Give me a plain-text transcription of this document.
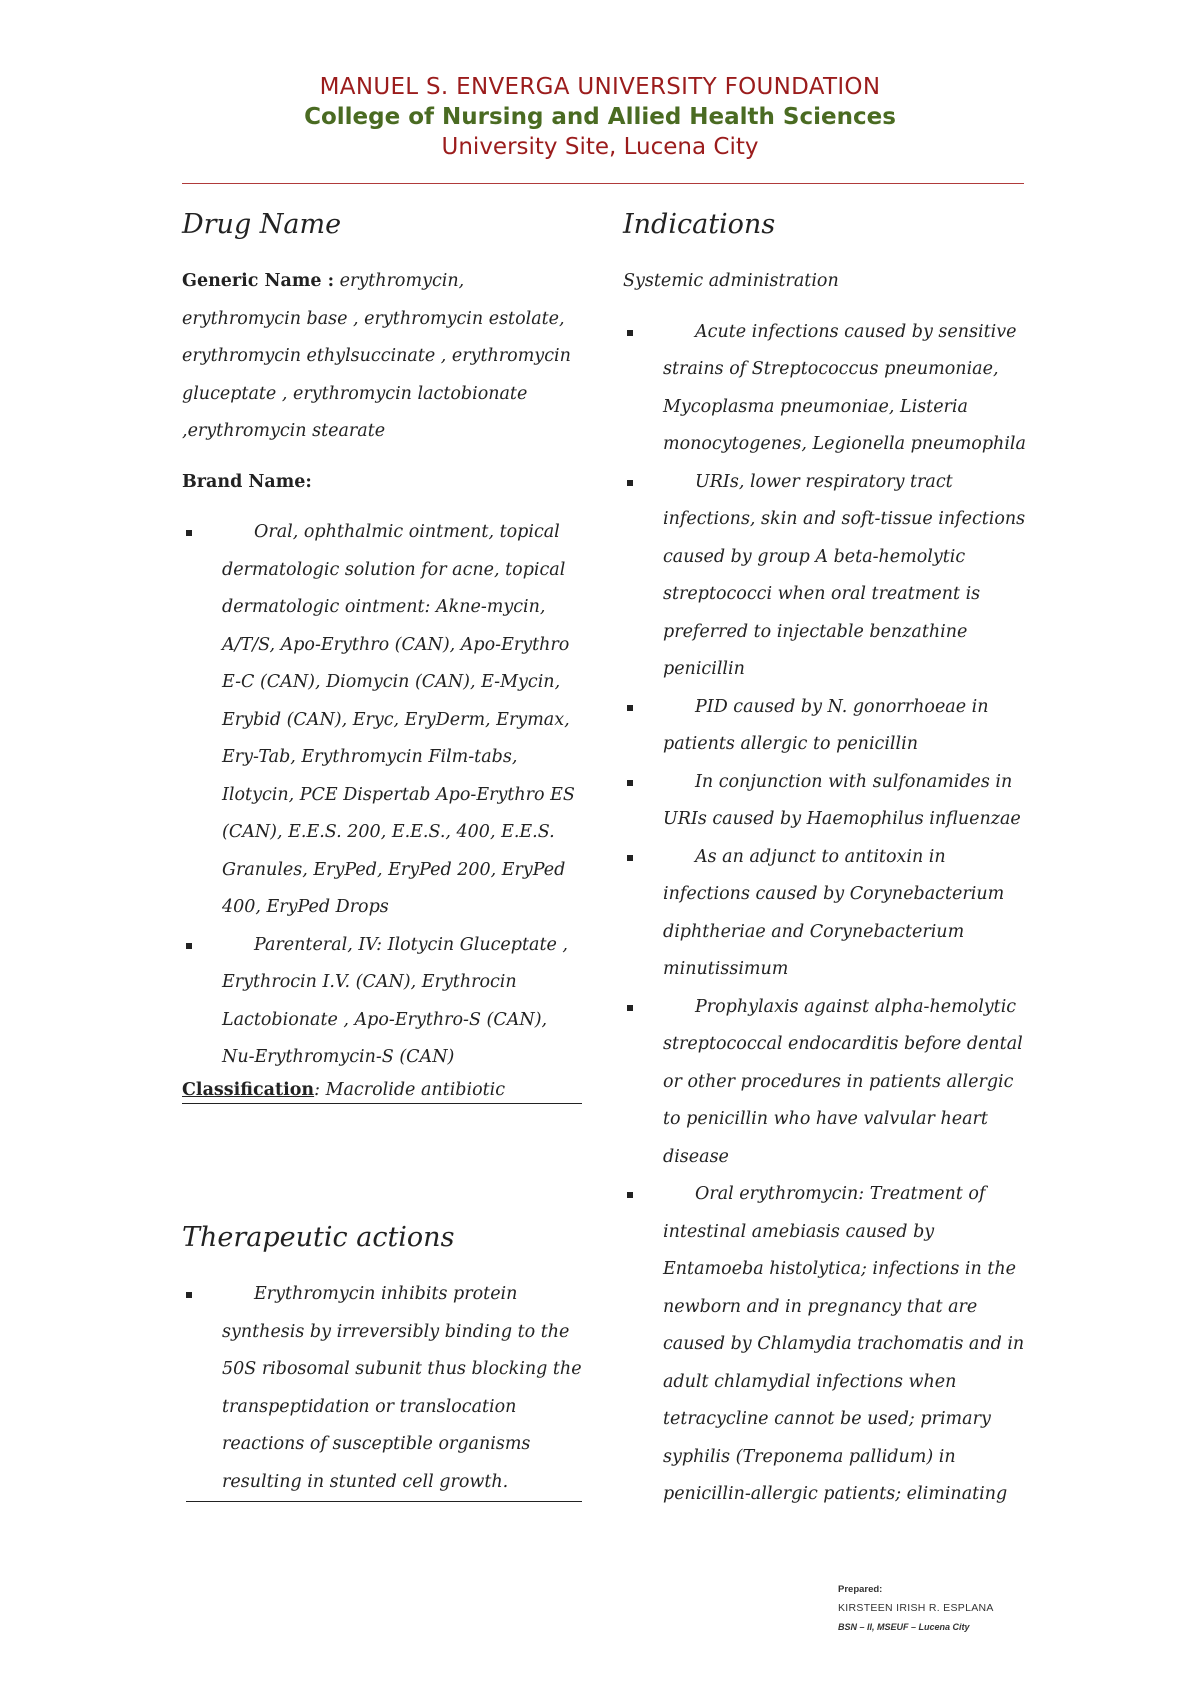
MANUEL S. ENVERGA UNIVERSITY FOUNDATION
College of Nursing and Allied Health Sciences
University Site, Lucena City
Drug Name

Generic Name : erythromycin, erythromycin base , erythromycin estolate, erythromycin ethylsuccinate , erythromycin gluceptate , erythromycin lactobionate ,erythromycin stearate

Brand Name:

Oral, ophthalmic ointment, topical dermatologic solution for acne, topical dermatologic ointment: Akne-mycin, A/T/S, Apo-Erythro (CAN), Apo-Erythro E-C (CAN), Diomycin (CAN), E-Mycin, Erybid (CAN), Eryc, EryDerm, Erymax, Ery-Tab, Erythromycin Film-tabs, Ilotycin, PCE Dispertab Apo-Erythro ES (CAN), E.E.S. 200, E.E.S., 400, E.E.S. Granules, EryPed, EryPed 200, EryPed 400, EryPed Drops
Parenteral, IV: Ilotycin Gluceptate , Erythrocin I.V. (CAN), Erythrocin Lactobionate , Apo-Erythro-S (CAN), Nu-Erythromycin-S (CAN)
Classification: Macrolide antibiotic
Therapeutic actions
Erythromycin inhibits protein synthesis by irreversibly binding to the 50S ribosomal subunit thus blocking the transpeptidation or translocation reactions of susceptible organisms resulting in stunted cell growth.
Indications

Systemic administration

Acute infections caused by sensitive strains of Streptococcus pneumoniae, Mycoplasma pneumoniae, Listeria monocytogenes, Legionella pneumophila
URIs, lower respiratory tract infections, skin and soft-tissue infections caused by group A beta-hemolytic streptococci when oral treatment is preferred to injectable benzathine penicillin
PID caused by N. gonorrhoeae in patients allergic to penicillin
In conjunction with sulfonamides in URIs caused by Haemophilus influenzae
As an adjunct to antitoxin in infections caused by Corynebacterium diphtheriae and Corynebacterium minutissimum
Prophylaxis against alpha-hemolytic streptococcal endocarditis before dental or other procedures in patients allergic to penicillin who have valvular heart disease
Oral erythromycin: Treatment of intestinal amebiasis caused by Entamoeba histolytica; infections in the newborn and in pregnancy that are caused by Chlamydia trachomatis and in adult chlamydial infections when tetracycline cannot be used; primary syphilis (Treponema pallidum) in penicillin-allergic patients; eliminating
Prepared:
KIRSTEEN IRISH R. ESPLANA
BSN – II, MSEUF – Lucena City
